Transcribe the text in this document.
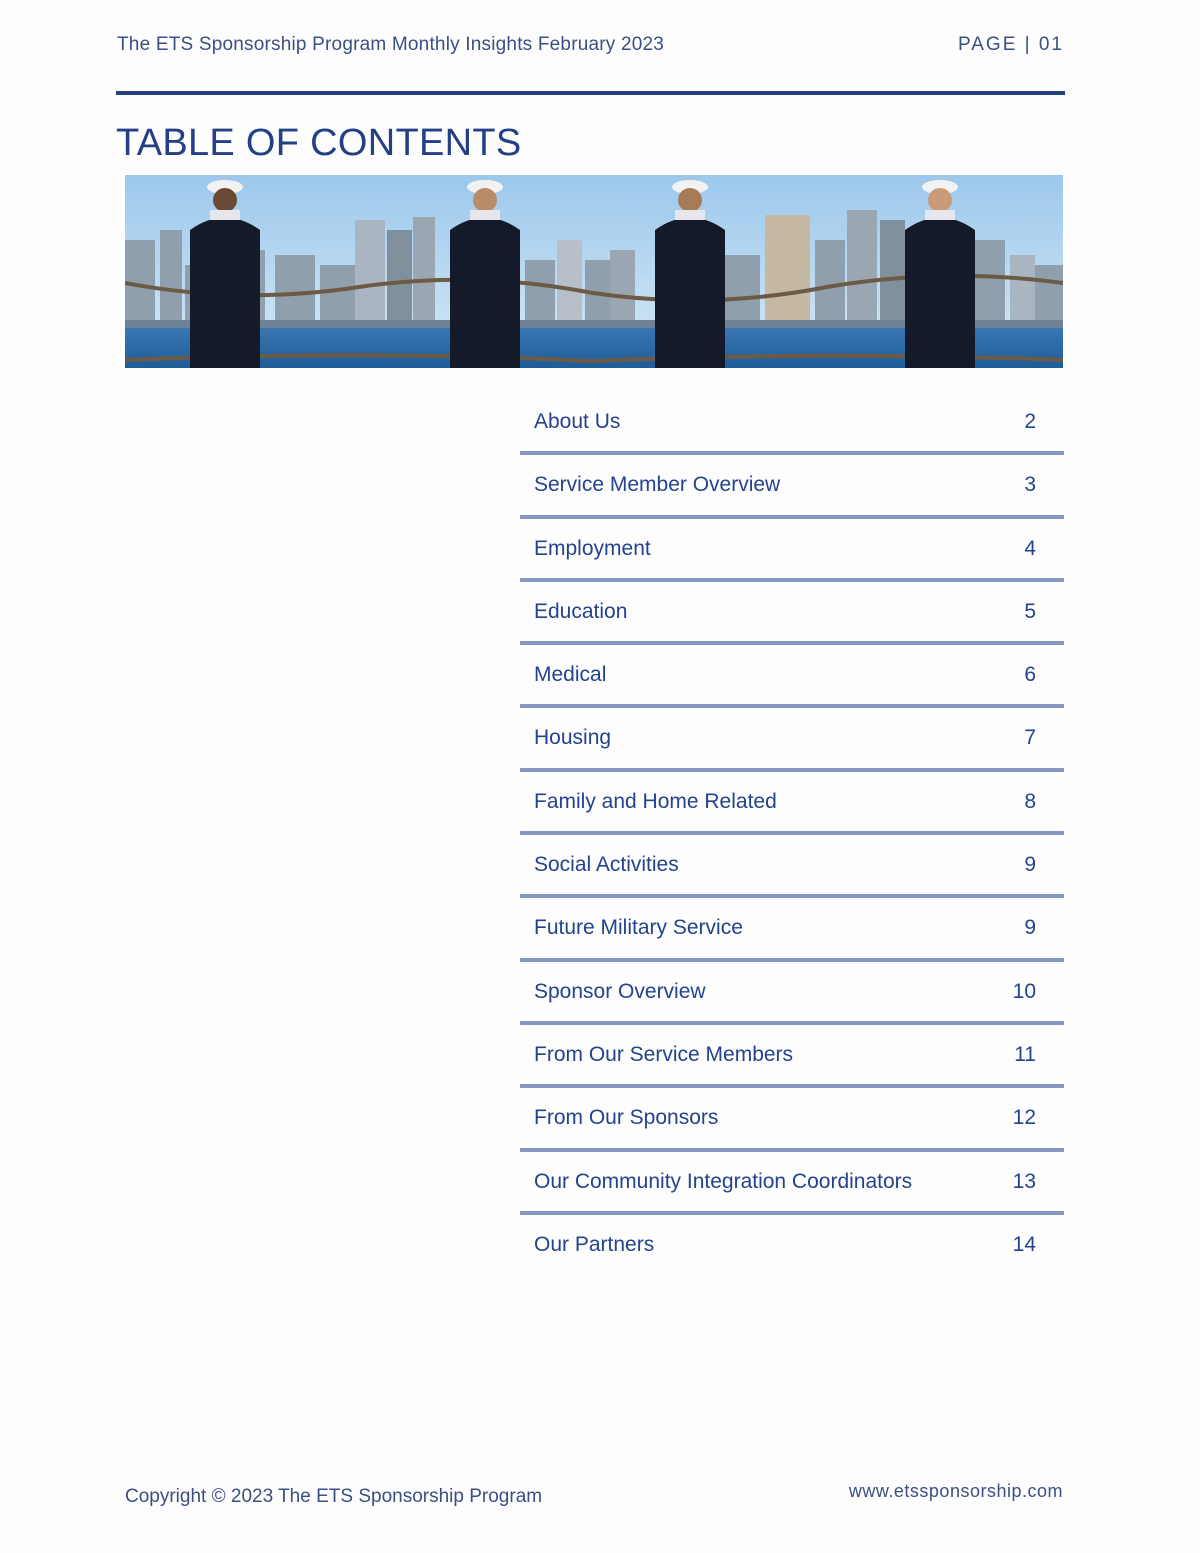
The ETS Sponsorship Program Monthly Insights February 2023	PAGE | 01
TABLE OF CONTENTS
About Us	2
Service Member Overview	3
Employment	4
Education	5
Medical	6
Housing	7
Family and Home Related	8
Social Activities	9
Future Military Service	9
Sponsor Overview	10
From Our Service Members	11
From Our Sponsors	12
Our Community Integration Coordinators	13
Our Partners	14
Copyright © 2023 The ETS Sponsorship Program	www.etssponsorship.com
